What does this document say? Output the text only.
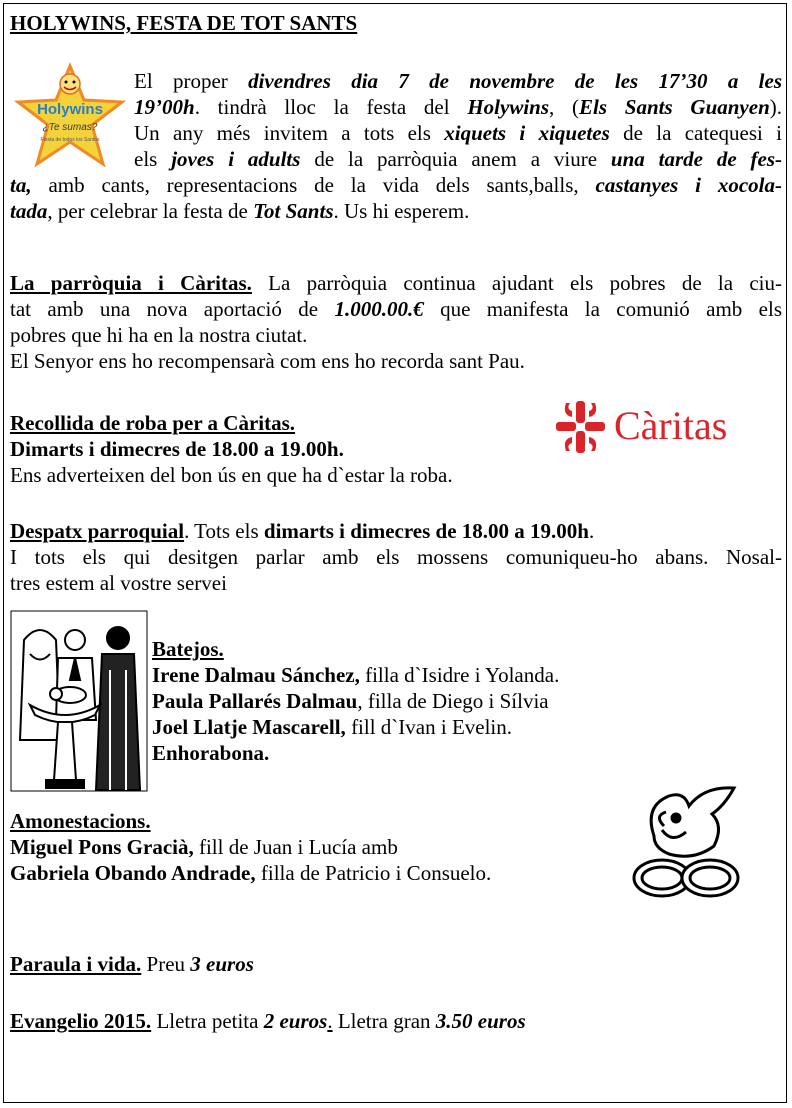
HOLYWINS, FESTA DE TOT SANTS
Holywins
¿Te sumas?
Fiesta de todos los Santos
El proper divendres dia 7 de novembre de les 17’30 a les
19’00h. tindrà lloc la festa del Holywins, (Els Sants Guanyen).
Un any més invitem a tots els xiquets i xiquetes de la catequesi i
els joves i adults de la parròquia anem a viure una tarde de fes-
ta, amb cants, representacions de la vida dels sants,balls, castanyes i xocola-
tada, per celebrar la festa de Tot Sants. Us hi esperem.
La parròquia i Càritas. La parròquia continua ajudant els pobres de la ciu-
tat amb una nova aportació de 1.000.00.€ que manifesta la comunió amb els
pobres que hi ha en la nostra ciutat.
El Senyor ens ho recompensarà com ens ho recorda sant Pau.
Recollida de roba per a Càritas.
Dimarts i dimecres de 18.00 a 19.00h.
Ens adverteixen del bon ús en que ha d`estar la roba.
Càritas
Despatx parroquial. Tots els dimarts i dimecres de 18.00 a 19.00h.
I tots els qui desitgen parlar amb els mossens comuniqueu-ho abans. Nosal-
tres estem al vostre servei
Batejos.
Irene Dalmau Sánchez, filla d`Isidre i Yolanda.
Paula Pallarés Dalmau, filla de Diego i Sílvia
Joel Llatje Mascarell, fill d`Ivan i Evelin.
Enhorabona.
Amonestacions.
Miguel Pons Gracià, fill de Juan i Lucía amb
Gabriela Obando Andrade, filla de Patricio i Consuelo.
Paraula i vida. Preu 3 euros
Evangelio 2015. Lletra petita 2 euros. Lletra gran 3.50 euros
